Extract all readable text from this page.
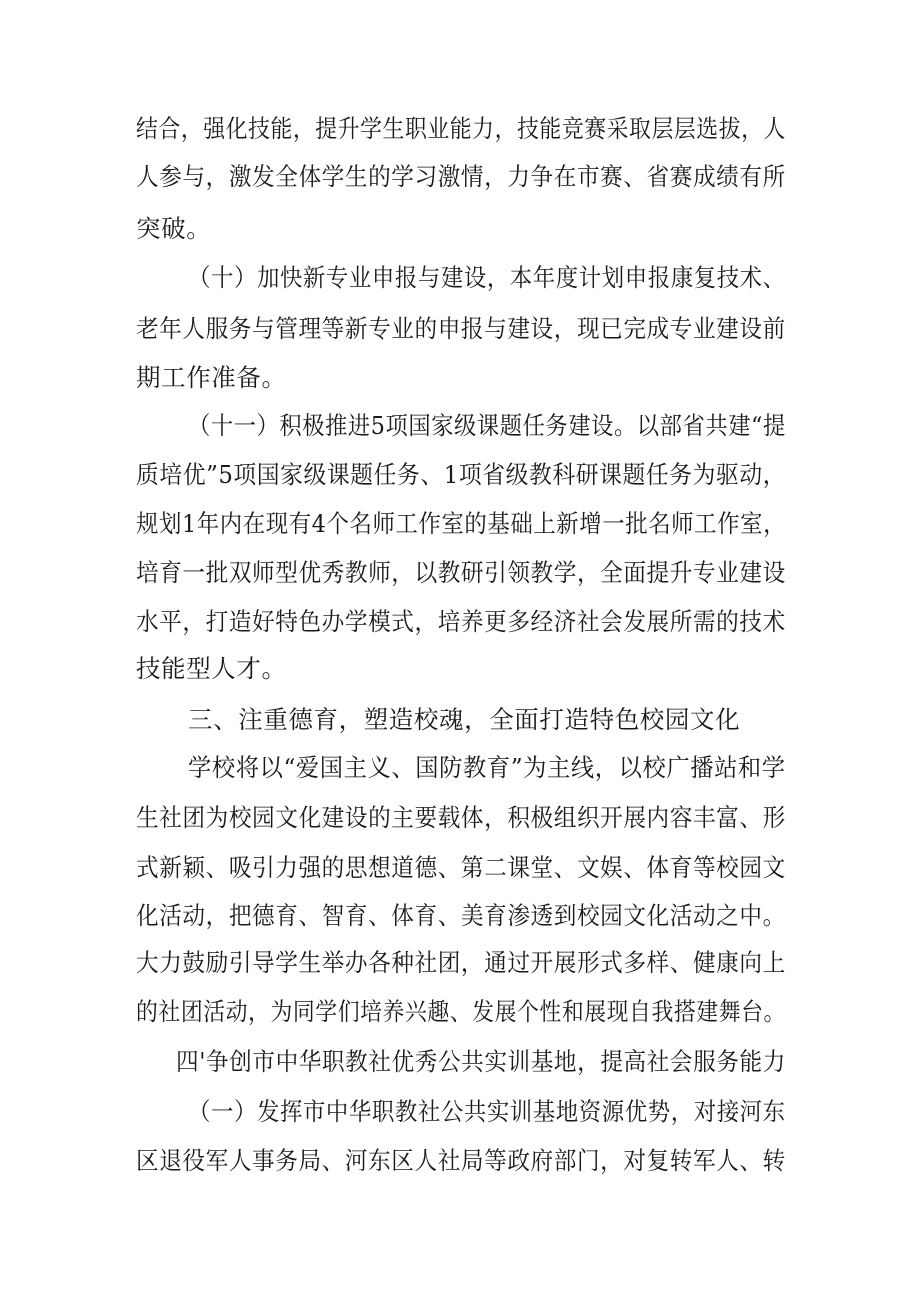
结合，强化技能，提升学生职业能力，技能竞赛采取层层选拔，人
人参与，激发全体学生的学习激情，力争在市赛、省赛成绩有所
突破。
（十）加快新专业申报与建设，本年度计划申报康复技术、
老年人服务与管理等新专业的申报与建设，现已完成专业建设前
期工作准备。
（十一）积极推进5项国家级课题任务建设。以部省共建“提
质培优”5项国家级课题任务、1项省级教科研课题任务为驱动，
规划1年内在现有4个名师工作室的基础上新增一批名师工作室，
培育一批双师型优秀教师，以教研引领教学，全面提升专业建设
水平，打造好特色办学模式，培养更多经济社会发展所需的技术
技能型人才。
三、注重德育，塑造校魂，全面打造特色校园文化
学校将以“爱国主义、国防教育”为主线，以校广播站和学
生社团为校园文化建设的主要载体，积极组织开展内容丰富、形
式新颖、吸引力强的思想道德、第二课堂、文娱、体育等校园文
化活动，把德育、智育、体育、美育渗透到校园文化活动之中。
大力鼓励引导学生举办各种社团，通过开展形式多样、健康向上
的社团活动，为同学们培养兴趣、发展个性和展现自我搭建舞台。
四'争创市中华职教社优秀公共实训基地，提高社会服务能力
（一）发挥市中华职教社公共实训基地资源优势，对接河东
区退役军人事务局、河东区人社局等政府部门，对复转军人、转
